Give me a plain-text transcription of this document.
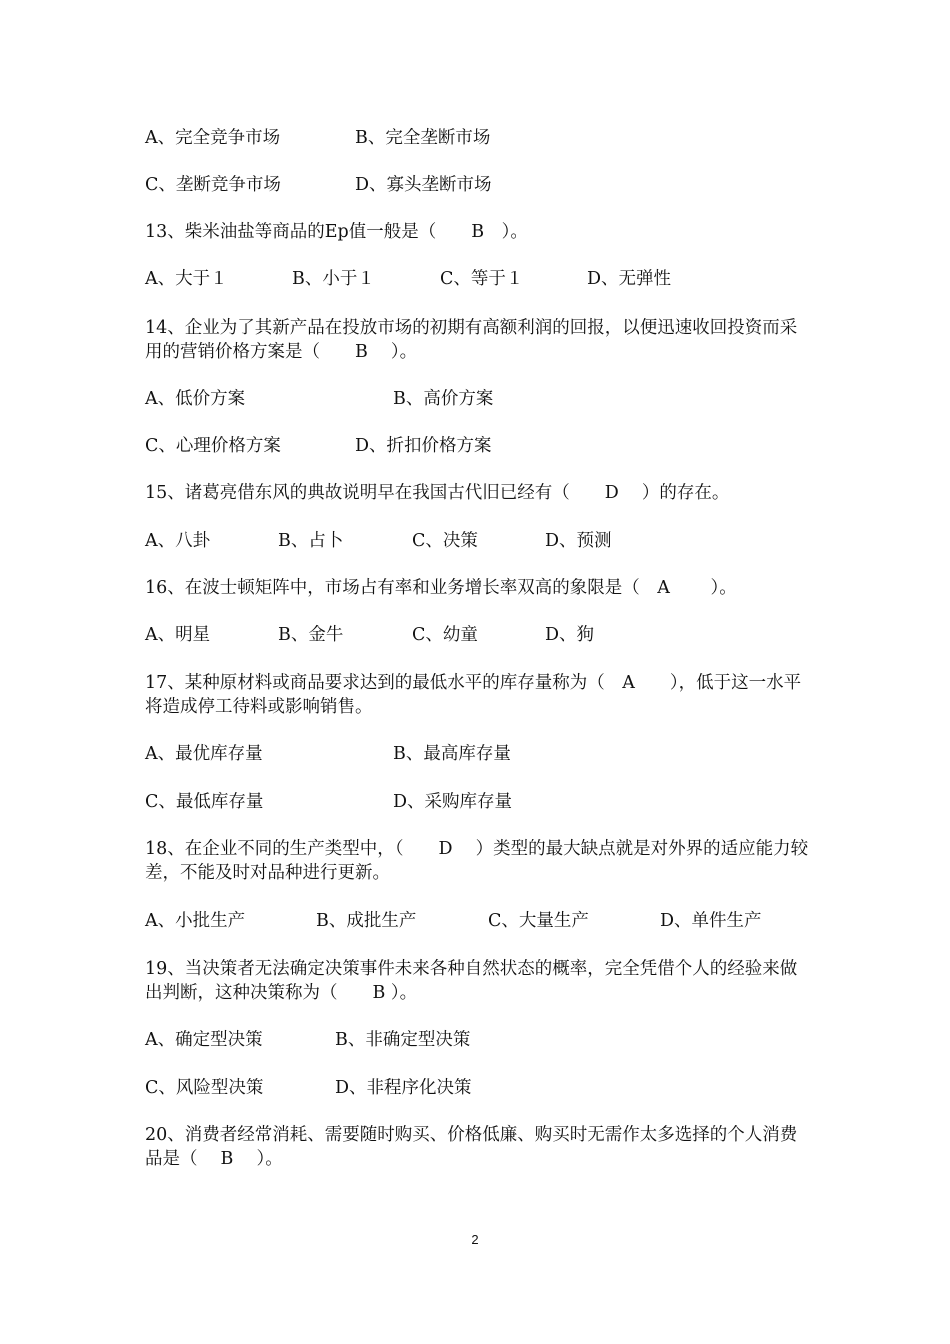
A、完全竞争市场	B、完全垄断市场
C、垄断竞争市场	D、寡头垄断市场
13、柴米油盐等商品的Ep值一般是（　　B　）。
A、大于１	B、小于１	C、等于１	D、无弹性
14、企业为了其新产品在投放市场的初期有高额利润的回报，以便迅速收回投资而采用的营销价格方案是（　　B　 ）。
A、低价方案	B、高价方案
C、心理价格方案	D、折扣价格方案
15、诸葛亮借东风的典故说明早在我国古代旧已经有（　　D　 ）的存在。
A、八卦	B、占卜	C、决策	D、预测
16、在波士顿矩阵中，市场占有率和业务增长率双高的象限是（　A　　 ）。
A、明星	B、金牛	C、幼童	D、狗
17、某种原材料或商品要求达到的最低水平的库存量称为（　A　　），低于这一水平将造成停工待料或影响销售。
A、最优库存量	B、最高库存量
C、最低库存量	D、采购库存量
18、在企业不同的生产类型中，（　　D　 ）类型的最大缺点就是对外界的适应能力较差，不能及时对品种进行更新。
A、小批生产	B、成批生产	C、大量生产	D、单件生产
19、当决策者无法确定决策事件未来各种自然状态的概率，完全凭借个人的经验来做出判断，这种决策称为（　　B ）。
A、确定型决策	B、非确定型决策
C、风险型决策	D、非程序化决策
20、消费者经常消耗、需要随时购买、价格低廉、购买时无需作太多选择的个人消费品是（　 B　 ）。
2
